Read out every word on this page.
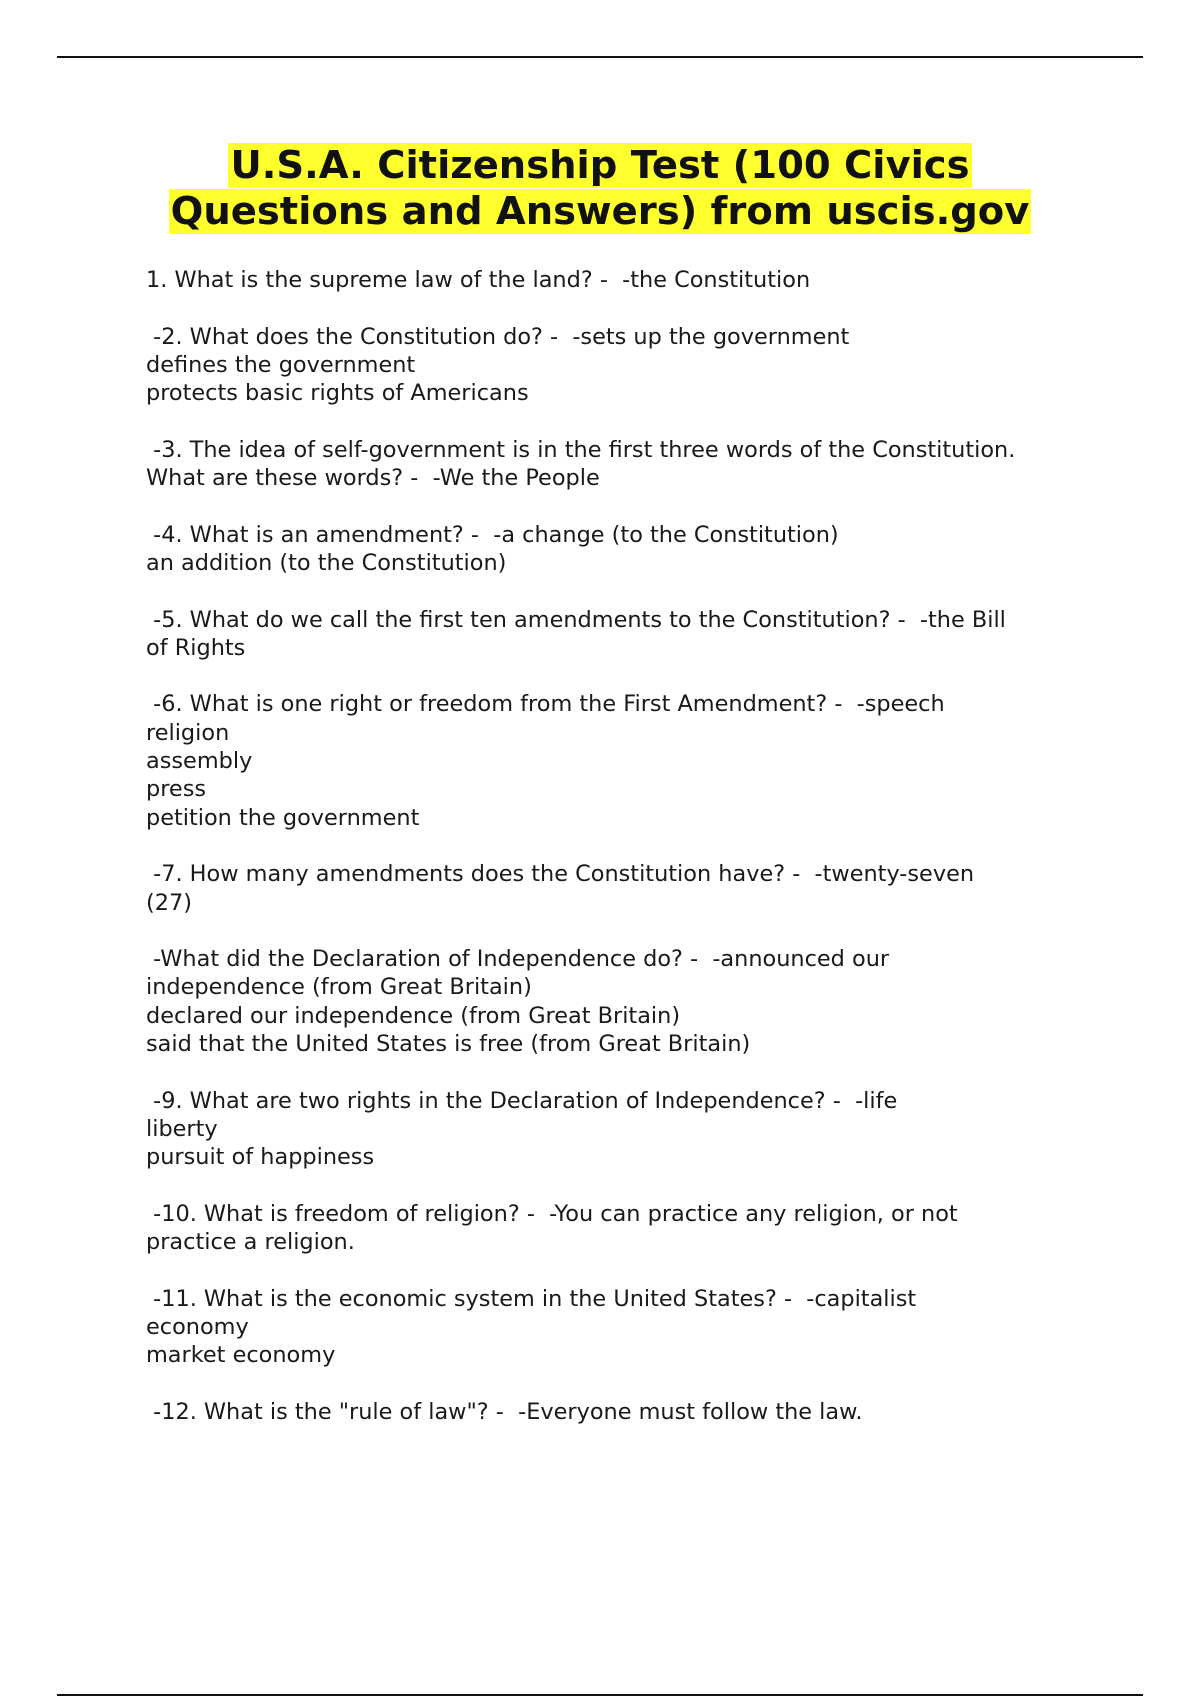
U.S.A. Citizenship Test (100 Civics
Questions and Answers) from uscis.gov
1. What is the supreme law of the land? -  -the Constitution
-2. What does the Constitution do? -  -sets up the government
defines the government
protects basic rights of Americans
-3. The idea of self-government is in the first three words of the Constitution.
What are these words? -  -We the People
-4. What is an amendment? -  -a change (to the Constitution)
an addition (to the Constitution)
-5. What do we call the first ten amendments to the Constitution? -  -the Bill
of Rights
-6. What is one right or freedom from the First Amendment? -  -speech
religion
assembly
press
petition the government
-7. How many amendments does the Constitution have? -  -twenty-seven
(27)
-What did the Declaration of Independence do? -  -announced our
independence (from Great Britain)
declared our independence (from Great Britain)
said that the United States is free (from Great Britain)
-9. What are two rights in the Declaration of Independence? -  -life
liberty
pursuit of happiness
-10. What is freedom of religion? -  -You can practice any religion, or not
practice a religion.
-11. What is the economic system in the United States? -  -capitalist
economy
market economy
-12. What is the "rule of law"? -  -Everyone must follow the law.
